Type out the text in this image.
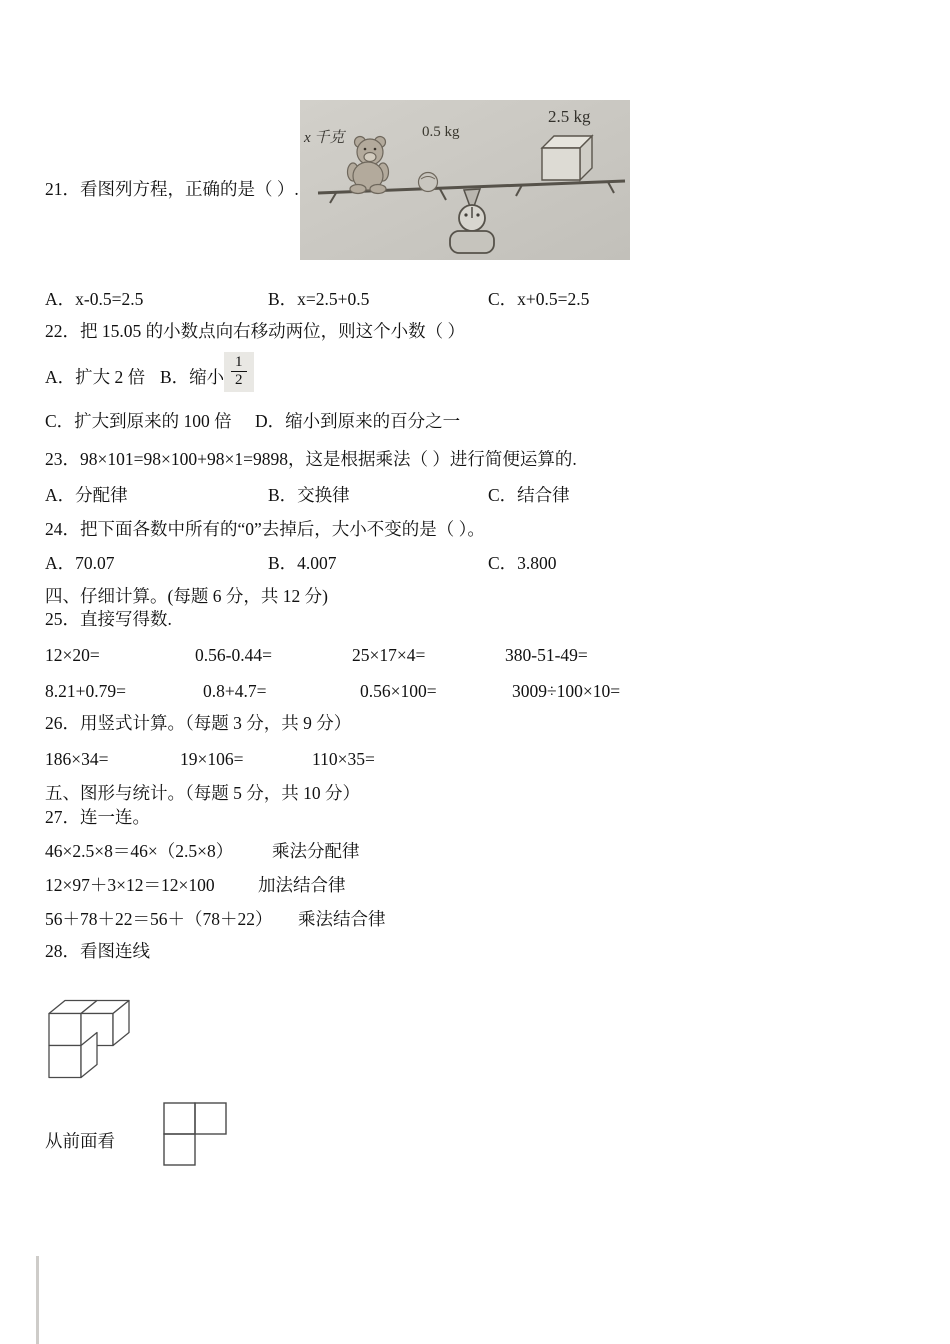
2.5 kg
0.5 kg
x 千克
21．看图列方程，正确的是（ ）.
A．x-0.5=2.5	B．x=2.5+0.5	C．x+0.5=2.5
22．把 15.05 的小数点向右移动两位，则这个小数（ ）
A．扩大 2 倍 B．缩小 $\frac{1}{2}$
C．扩大到原来的 100 倍 D．缩小到原来的百分之一
23．98×101=98×100+98×1=9898，这是根据乘法（ ）进行简便运算的.
A．分配律	B．交换律	C．结合律
24．把下面各数中所有的“0”去掉后，大小不变的是（ ）。
A．70.07	B．4.007	C．3.800
四、仔细计算。(每题 6 分，共 12 分)
25．直接写得数.
12×20=	0.56-0.44=	25×17×4=	380-51-49=
8.21+0.79=	0.8+4.7=	0.56×100=	3009÷100×10=
26．用竖式计算。（每题 3 分，共 9 分）
186×34=	19×106=	110×35=
五、图形与统计。（每题 5 分，共 10 分）
27．连一连。
46×2.5×8＝46×（2.5×8） 乘法分配律
12×97＋3×12＝12×100 加法结合律
56＋78＋22＝56＋（78＋22） 乘法结合律
28．看图连线
从前面看
